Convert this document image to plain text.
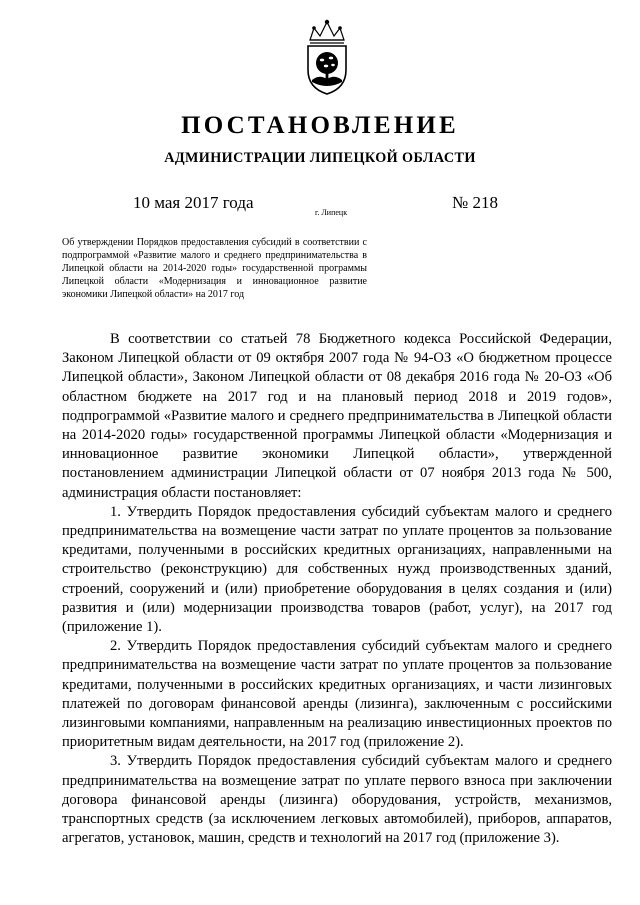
ПОСТАНОВЛЕНИЕ
АДМИНИСТРАЦИИ ЛИПЕЦКОЙ ОБЛАСТИ
10 мая 2017 года
г. Липецк
№ 218
Об утверждении Порядков предоставления субсидий в соответствии с подпрограммой «Развитие малого и среднего предпринимательства в Липецкой области на 2014-2020 годы» государственной программы Липецкой области «Модернизация и инновационное развитие экономики Липецкой области» на 2017 год

В соответствии со статьей 78 Бюджетного кодекса Российской Федерации, Законом Липецкой области от 09 октября 2007 года № 94-ОЗ «О бюджетном процессе Липецкой области», Законом Липецкой области от 08 декабря 2016 года № 20-ОЗ «Об областном бюджете на 2017 год и на плановый период 2018 и 2019 годов», подпрограммой «Развитие малого и среднего предпринимательства в Липецкой области на 2014-2020 годы» государственной программы Липецкой области «Модернизация и инновационное развитие экономики Липецкой области», утвержденной постановлением администрации Липецкой области от 07 ноября 2013 года № 500, администрация области постановляет:

1. Утвердить Порядок предоставления субсидий субъектам малого и среднего предпринимательства на возмещение части затрат по уплате процентов за пользование кредитами, полученными в российских кредитных организациях, направленными на строительство (реконструкцию) для собственных нужд производственных зданий, строений, сооружений и (или) приобретение оборудования в целях создания и (или) развития и (или) модернизации производства товаров (работ, услуг), на 2017 год (приложение 1).

2. Утвердить Порядок предоставления субсидий субъектам малого и среднего предпринимательства на возмещение части затрат по уплате процентов за пользование кредитами, полученными в российских кредитных организациях, и части лизинговых платежей по договорам финансовой аренды (лизинга), заключенным с российскими лизинговыми компаниями, направленным на реализацию инвестиционных проектов по приоритетным видам деятельности, на 2017 год (приложение 2).

3. Утвердить Порядок предоставления субсидий субъектам малого и среднего предпринимательства на возмещение затрат по уплате первого взноса при заключении договора финансовой аренды (лизинга) оборудования, устройств, механизмов, транспортных средств (за исключением легковых автомобилей), приборов, аппаратов, агрегатов, установок, машин, средств и технологий на 2017 год (приложение 3).
